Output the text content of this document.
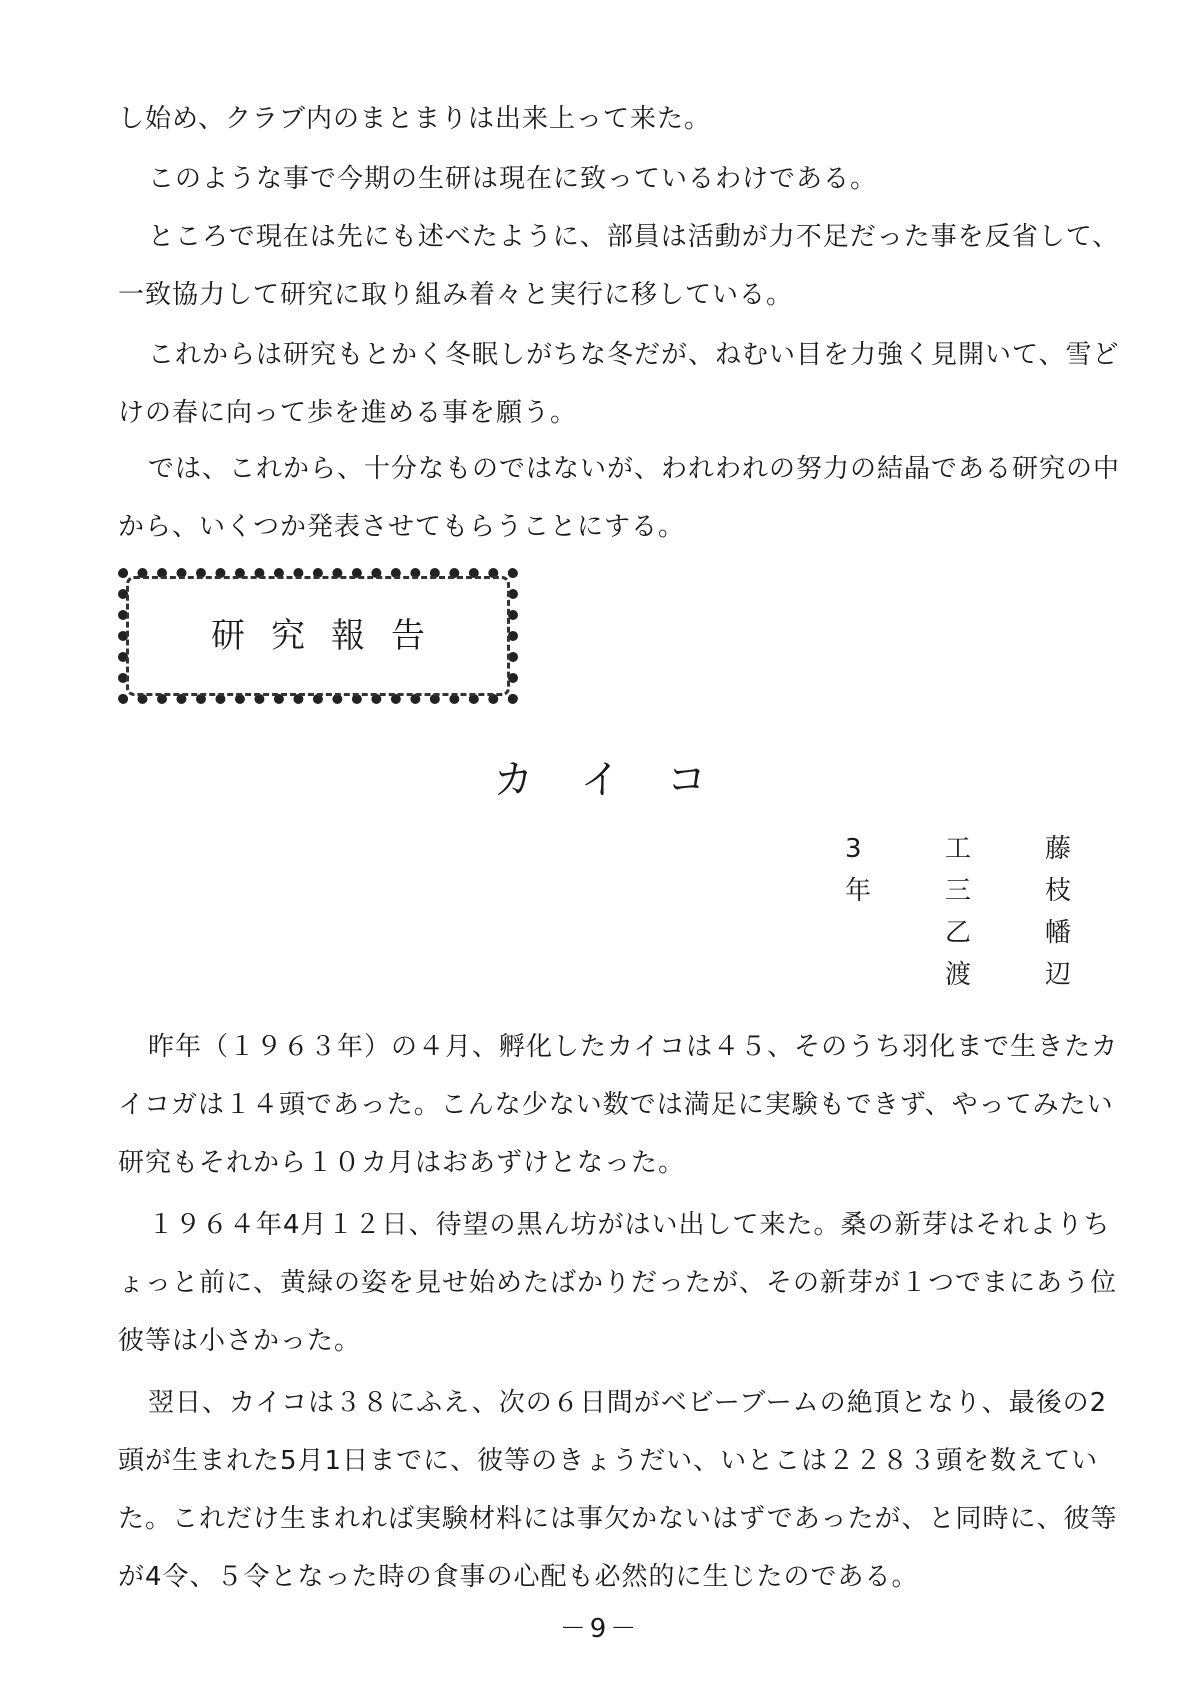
し始め、クラブ内のまとまりは出来上って来た。

このような事で今期の生研は現在に致っているわけである。

ところで現在は先にも述べたように、部員は活動が力不足だった事を反省して、
一致協力して研究に取り組み着々と実行に移している。

これからは研究もとかく冬眠しがちな冬だが、ねむい目を力強く見開いて、雪ど
けの春に向って歩を進める事を願う。

では、これから、十分なものではないが、われわれの努力の結晶である研究の中
から、いくつか発表させてもらうことにする。

研究報告
カイコ
3年
工	藤
三	枝
乙	幡
渡	辺

昨年（１９６３年）の４月、孵化したカイコは４５、そのうち羽化まで生きたカ
イコガは１４頭であった。こんな少ない数では満足に実験もできず、やってみたい
研究もそれから１０カ月はおあずけとなった。

１９６４年4月１２日、待望の黒ん坊がはい出して来た。桑の新芽はそれよりち
ょっと前に、黄緑の姿を見せ始めたばかりだったが、その新芽が１つでまにあう位
彼等は小さかった。

翌日、カイコは３８にふえ、次の６日間がベビーブームの絶頂となり、最後の2
頭が生まれた5月1日までに、彼等のきょうだい、いとこは２２８３頭を数えてい
た。これだけ生まれれば実験材料には事欠かないはずであったが、と同時に、彼等
が4令、５令となった時の食事の心配も必然的に生じたのである。

－9－
